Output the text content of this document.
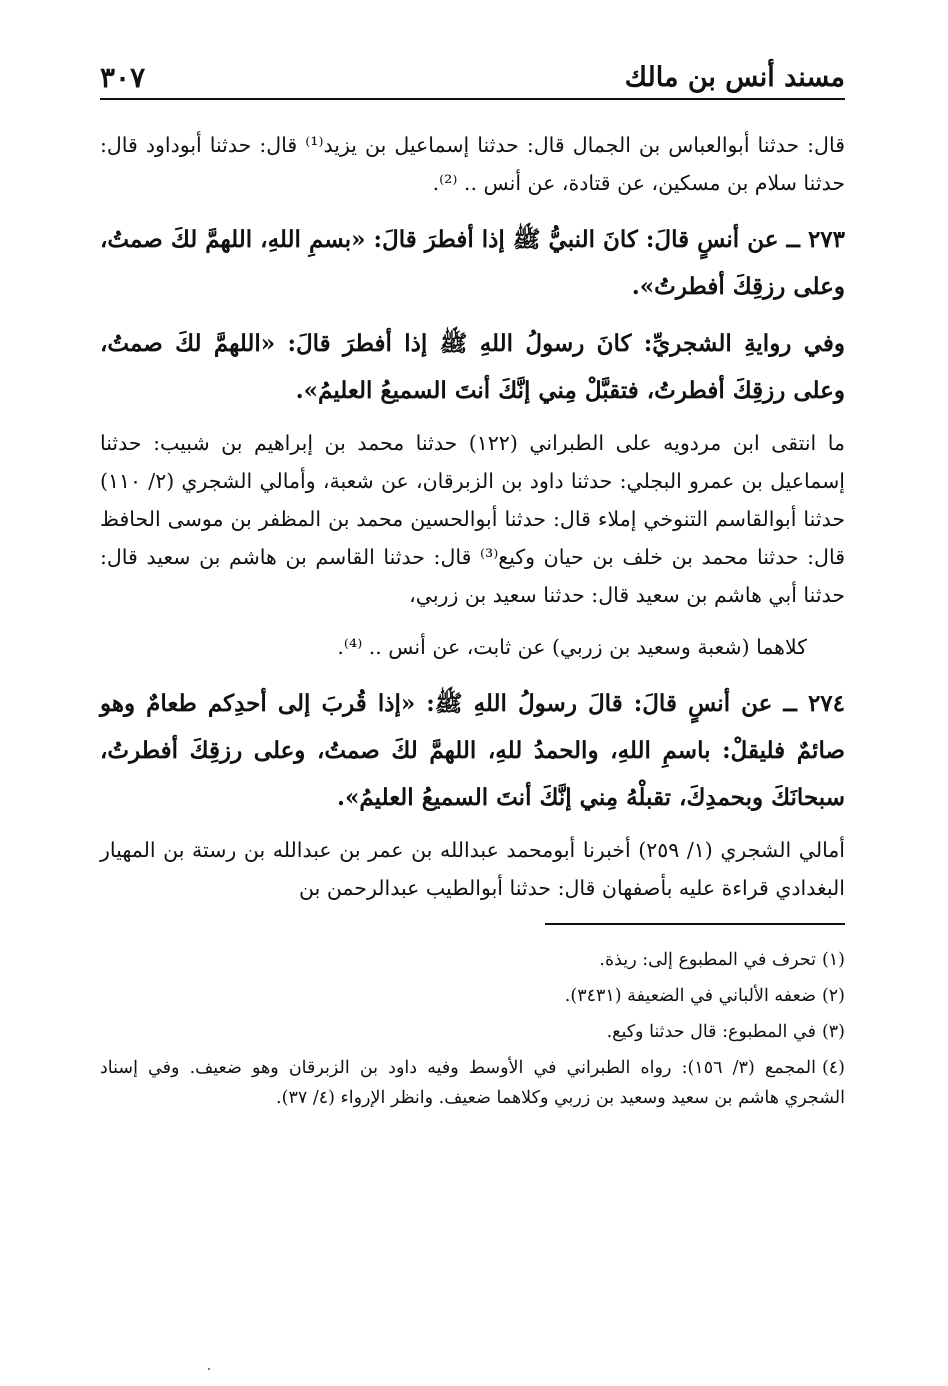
مسند أنس بن مالك
٣٠٧

قال: حدثنا أبوالعباس بن الجمال قال: حدثنا إسماعيل بن يزيد⁽¹⁾ قال: حدثنا أبوداود قال: حدثنا سلام بن مسكين، عن قتادة، عن أنس .. ⁽²⁾.

٢٧٣ ــ عن أنسٍ قالَ: كانَ النبيُّ ﷺ إذا أفطرَ قالَ: «بسمِ اللهِ، اللهمَّ لكَ صمتُ، وعلى رزقِكَ أفطرتُ».

وفي روايةِ الشجريِّ: كانَ رسولُ اللهِ ﷺ إذا أفطرَ قالَ: «اللهمَّ لكَ صمتُ، وعلى رزقِكَ أفطرتُ، فتقبَّلْ مِني إنَّكَ أنتَ السميعُ العليمُ».

ما انتقى ابن مردويه على الطبراني (١٢٢) حدثنا محمد بن إبراهيم بن شبيب: حدثنا إسماعيل بن عمرو البجلي: حدثنا داود بن الزبرقان، عن شعبة، وأمالي الشجري (٢/ ١١٠) حدثنا أبوالقاسم التنوخي إملاء قال: حدثنا أبوالحسين محمد بن المظفر بن موسى الحافظ قال: حدثنا محمد بن خلف بن حيان وكيع⁽³⁾ قال: حدثنا القاسم بن هاشم بن سعيد قال: حدثنا أبي هاشم بن سعيد قال: حدثنا سعيد بن زربي،

كلاهما (شعبة وسعيد بن زربي) عن ثابت، عن أنس .. ⁽⁴⁾.

٢٧٤ ــ عن أنسٍ قالَ: قالَ رسولُ اللهِ ﷺ: «إذا قُربَ إلى أحدِكم طعامٌ وهو صائمٌ فليقلْ: باسمِ اللهِ، والحمدُ للهِ، اللهمَّ لكَ صمتُ، وعلى رزقِكَ أفطرتُ، سبحانَكَ وبحمدِكَ، تقبلْهُ مِني إنَّكَ أنتَ السميعُ العليمُ».

أمالي الشجري (١/ ٢٥٩) أخبرنا أبومحمد عبدالله بن عمر بن عبدالله بن رستة بن المهيار البغدادي قراءة عليه بأصفهان قال: حدثنا أبوالطيب عبدالرحمن بن

(١)تحرف في المطبوع إلى: ريذة.

(٢)ضعفه الألباني في الضعيفة (٣٤٣١).

(٣)في المطبوع: قال حدثنا وكيع.

(٤)المجمع (٣/ ١٥٦): رواه الطبراني في الأوسط وفيه داود بن الزبرقان وهو ضعيف. وفي إسناد الشجري هاشم بن سعيد وسعيد بن زربي وكلاهما ضعيف. وانظر الإرواء (٤/ ٣٧).
